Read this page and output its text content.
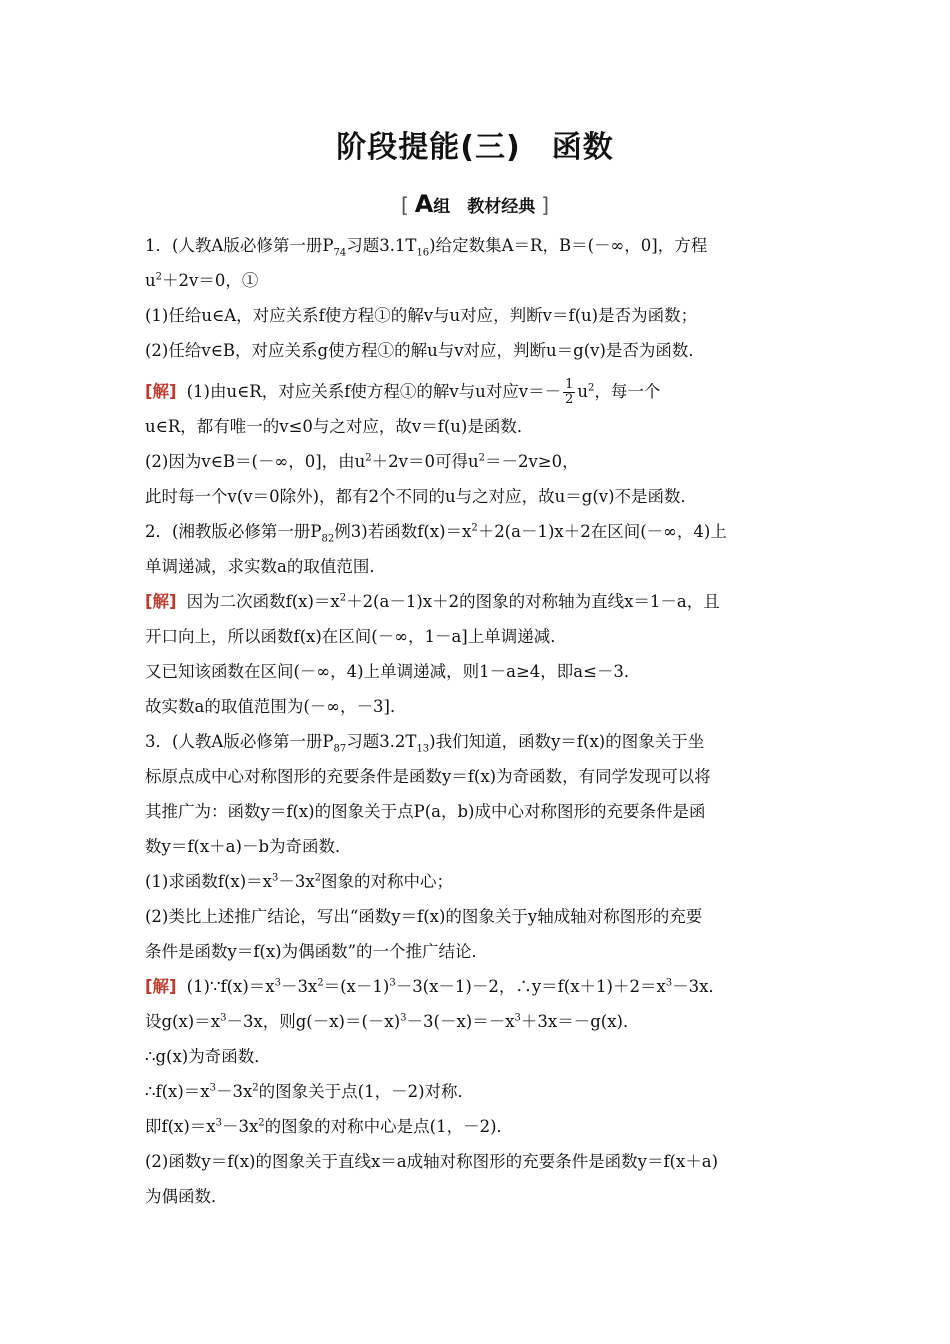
阶段提能(三)　函数
[ A组　教材经典 ]

1．(人教A版必修第一册$P_{74}$习题$3.1T_{16}$)给定数集A＝R，B＝(－∞，0]，方程

$u^2+2v=0$，①

(1)任给u∈A，对应关系f使方程①的解v与u对应，判断v＝f(u)是否为函数；

(2)任给v∈B，对应关系g使方程①的解u与v对应，判断u＝g(v)是否为函数．

[解] (1)由u∈R，对应关系f使方程①的解v与u对应$v=- \frac{1}{2} u^2$，每一个

u∈R，都有唯一的v≤0与之对应，故v＝f(u)是函数．

(2)因为v∈B＝(－∞，0]，由$u^2+2v=0$可得$u^2=-2v\ge 0$，

此时每一个v(v＝0除外)，都有2个不同的u与之对应，故u＝g(v)不是函数．

2．(湘教版必修第一册$P_{82}$例3)若函数$f(x)=x^2+2(a-1)x+2$在区间(－∞，4)上

单调递减，求实数a的取值范围．

[解] 因为二次函数$f(x)=x^2+2(a-1)x+2$的图象的对称轴为直线x＝1－a，且

开口向上，所以函数f(x)在区间(－∞，1－a]上单调递减．

又已知该函数在区间(－∞，4)上单调递减，则1－a≥4，即a≤－3．

故实数a的取值范围为(－∞，－3]．

3．(人教A版必修第一册$P_{87}$习题$3.2T_{13}$)我们知道，函数y＝f(x)的图象关于坐

标原点成中心对称图形的充要条件是函数y＝f(x)为奇函数，有同学发现可以将

其推广为：函数y＝f(x)的图象关于点P(a，b)成中心对称图形的充要条件是函

数y＝f(x＋a)－b为奇函数．

(1)求函数$f(x)=x^3-3x^2$图象的对称中心；

(2)类比上述推广结论，写出“函数y＝f(x)的图象关于y轴成轴对称图形的充要

条件是函数y＝f(x)为偶函数”的一个推广结论．

[解] $(1)\because f(x)=x^3-3x^2=(x-1)^3-3(x-1)-2$，$\therefore y=f(x+1)+2=x^3-3x$．

设$g(x)=x^3-3x$，则$g(-x)=(-x)^3-3(-x)=-x^3+3x=-g(x)$．

∴g(x)为奇函数．

$\therefore f(x)=x^3-3x^2$的图象关于点(1，－2)对称．

即$f(x)=x^3-3x^2$的图象的对称中心是点(1，－2)．

(2)函数y＝f(x)的图象关于直线x＝a成轴对称图形的充要条件是函数y＝f(x＋a)

为偶函数．
